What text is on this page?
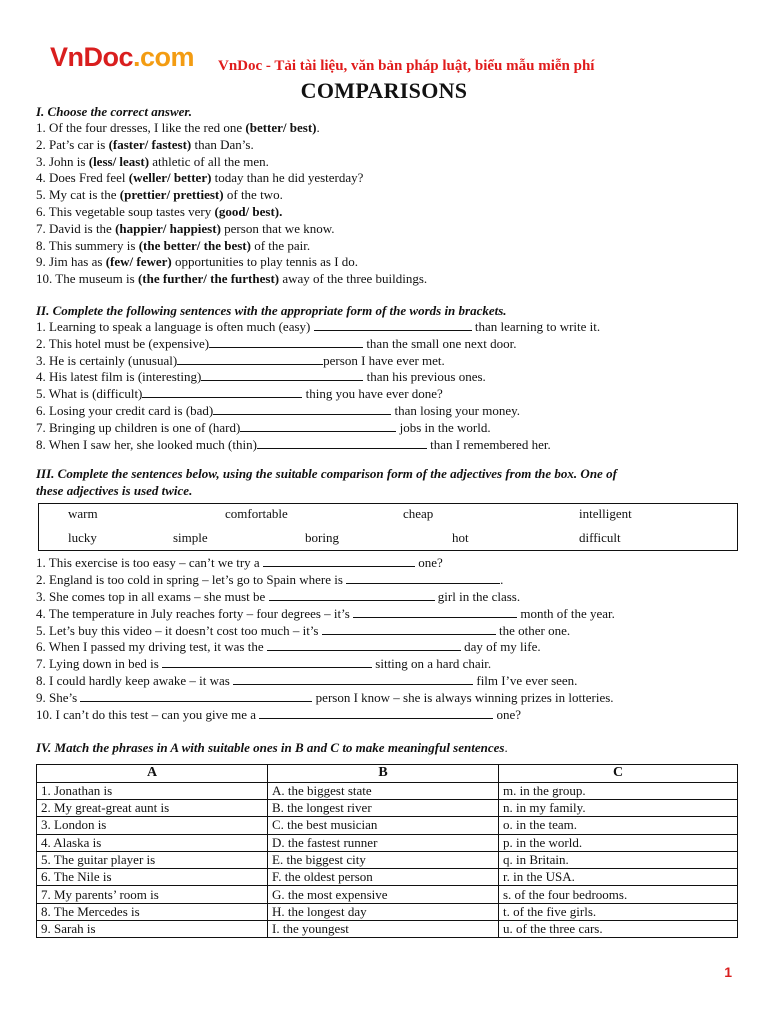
VnDoc.com VnDoc - Tải tài liệu, văn bản pháp luật, biểu mẫu miễn phí
COMPARISONS
I. Choose the correct answer.
1. Of the four dresses, I like the red one (better/ best).
2. Pat’s car is (faster/ fastest) than Dan’s.
3. John is (less/ least) athletic of all the men.
4. Does Fred feel (weller/ better) today than he did yesterday?
5. My cat is the (prettier/ prettiest) of the two.
6. This vegetable soup tastes very (good/ best).
7. David is the (happier/ happiest) person that we know.
8. This summery is (the better/ the best) of the pair.
9. Jim has as (few/ fewer) opportunities to play tennis as I do.
10. The museum is (the further/ the furthest) away of the three buildings.
II. Complete the following sentences with the appropriate form of the words in brackets.
1. Learning to speak a language is often much (easy)	than learning to write it.
2. This hotel must be (expensive)	than the small one next door.
3. He is certainly (unusual)	person I have ever met.
4. His latest film is (interesting)	than his previous ones.
5. What is (difficult)	thing you have ever done?
6. Losing your credit card is (bad)	than losing your money.
7. Bringing up children is one of (hard)	jobs in the world.
8. When I saw her, she looked much (thin)	than I remembered her.
III. Complete the sentences below, using the suitable comparison form of the adjectives from the box. One of
these adjectives is used twice.
warm	comfortable	cheap	intelligent
lucky	simple	boring	hot	difficult
1. This exercise is too easy – can’t we try a	one?
2. England is too cold in spring – let’s go to Spain where is	.
3. She comes top in all exams – she must be	girl in the class.
4. The temperature in July reaches forty – four degrees – it’s	month of the year.
5. Let’s buy this video – it doesn’t cost too much – it’s	the other one.
6. When I passed my driving test, it was the	day of my life.
7. Lying down in bed is	sitting on a hard chair.
8. I could hardly keep awake – it was	film I’ve ever seen.
9. She’s	person I know – she is always winning prizes in lotteries.
10. I can’t do this test – can you give me a	one?
IV. Match the phrases in A with suitable ones in B and C to make meaningful sentences.
A	B	C
1. Jonathan is	A. the biggest state	m. in the group.
2. My great-great aunt is	B. the longest river	n. in my family.
3. London is	C. the best musician	o. in the team.
4. Alaska is	D. the fastest runner	p. in the world.
5. The guitar player is	E. the biggest city	q. in Britain.
6. The Nile is	F. the oldest person	r. in the USA.
7. My parents’ room is	G. the most expensive	s. of the four bedrooms.
8. The Mercedes is	H. the longest day	t. of the five girls.
9. Sarah is	I. the youngest	u. of the three cars.
1
